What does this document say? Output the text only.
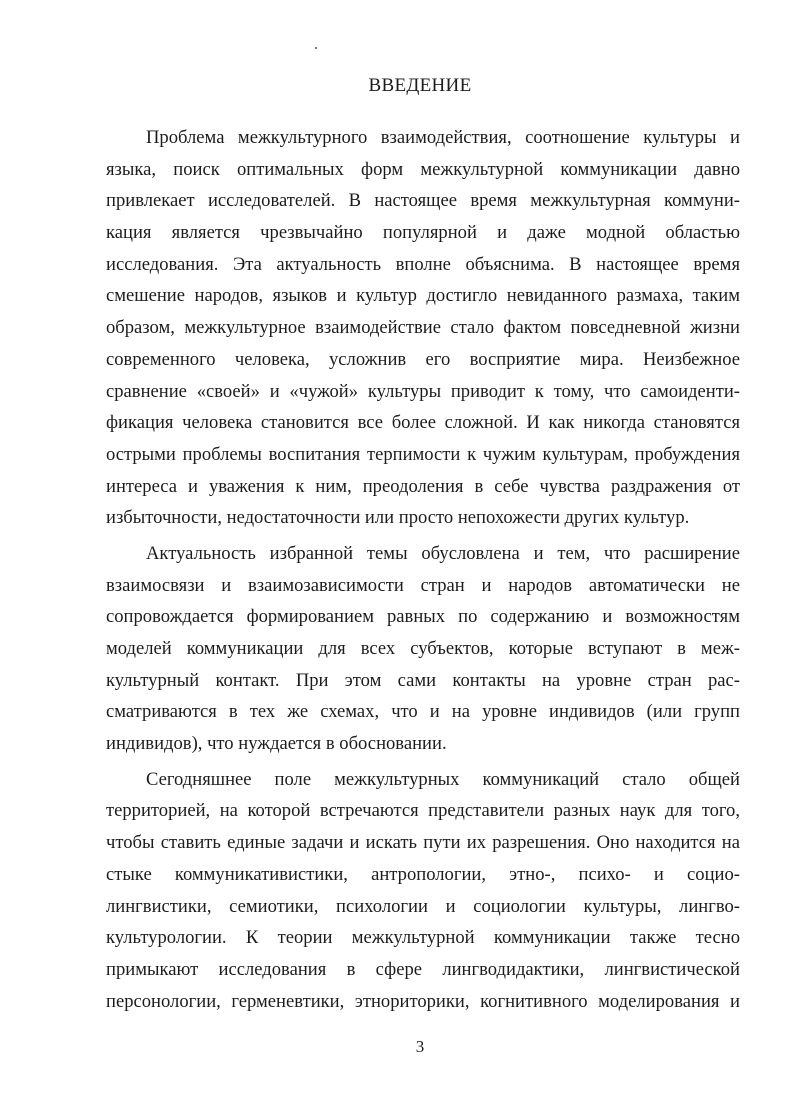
ВВЕДЕНИЕ
Проблема межкультурного взаимодействия, соотношение культуры и
языка, поиск оптимальных форм межкультурной коммуникации давно
привлекает исследователей. В настоящее время межкультурная коммуни-
кация является чрезвычайно популярной и даже модной областью
исследования. Эта актуальность вполне объяснима. В настоящее время
смешение народов, языков и культур достигло невиданного размаха, таким
образом, межкультурное взаимодействие стало фактом повседневной жизни
современного человека, усложнив его восприятие мира. Неизбежное
сравнение «своей» и «чужой» культуры приводит к тому, что самоиденти-
фикация человека становится все более сложной. И как никогда становятся
острыми проблемы воспитания терпимости к чужим культурам, пробуждения
интереса и уважения к ним, преодоления в себе чувства раздражения от
избыточности, недостаточности или просто непохожести других культур.
Актуальность избранной темы обусловлена и тем, что расширение
взаимосвязи и взаимозависимости стран и народов автоматически не
сопровождается формированием равных по содержанию и возможностям
моделей коммуникации для всех субъектов, которые вступают в меж-
культурный контакт. При этом сами контакты на уровне стран рас-
сматриваются в тех же схемах, что и на уровне индивидов (или групп
индивидов), что нуждается в обосновании.
Сегодняшнее поле межкультурных коммуникаций стало общей
территорией, на которой встречаются представители разных наук для того,
чтобы ставить единые задачи и искать пути их разрешения. Оно находится на
стыке коммуникативистики, антропологии, этно-, психо- и социо-
лингвистики, семиотики, психологии и социологии культуры, лингво-
культурологии. К теории межкультурной коммуникации также тесно
примыкают исследования в сфере лингводидактики, лингвистической
персонологии, герменевтики, этнориторики, когнитивного моделирования и
3
